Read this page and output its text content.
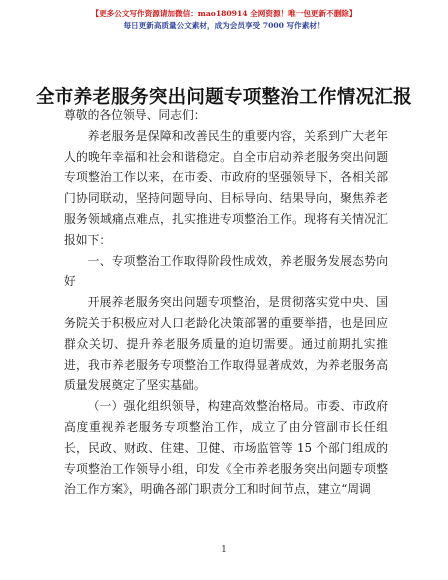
【更多公文写作资源请加微信：mao180914 全网资源！唯一包更新不删除】
每日更新高质量公文素材，成为会员享受 7000 写作素材！
全市养老服务突出问题专项整治工作情况汇报

尊敬的各位领导、同志们：

养老服务是保障和改善民生的重要内容，关系到广大老年人的晚年幸福和社会和谐稳定。自全市启动养老服务突出问题专项整治工作以来，在市委、市政府的坚强领导下，各相关部门协同联动，坚持问题导向、目标导向、结果导向，聚焦养老服务领域痛点难点，扎实推进专项整治工作。现将有关情况汇报如下：

一、专项整治工作取得阶段性成效，养老服务发展态势向好

开展养老服务突出问题专项整治，是贯彻落实党中央、国务院关于积极应对人口老龄化决策部署的重要举措，也是回应群众关切、提升养老服务质量的迫切需要。通过前期扎实推进，我市养老服务专项整治工作取得显著成效，为养老服务高质量发展奠定了坚实基础。

（一）强化组织领导，构建高效整治格局。市委、市政府高度重视养老服务专项整治工作，成立了由分管副市长任组长，民政、财政、住建、卫健、市场监管等 15 个部门组成的专项整治工作领导小组，印发《全市养老服务突出问题专项整治工作方案》，明确各部门职责分工和时间节点，建立“周调

1
